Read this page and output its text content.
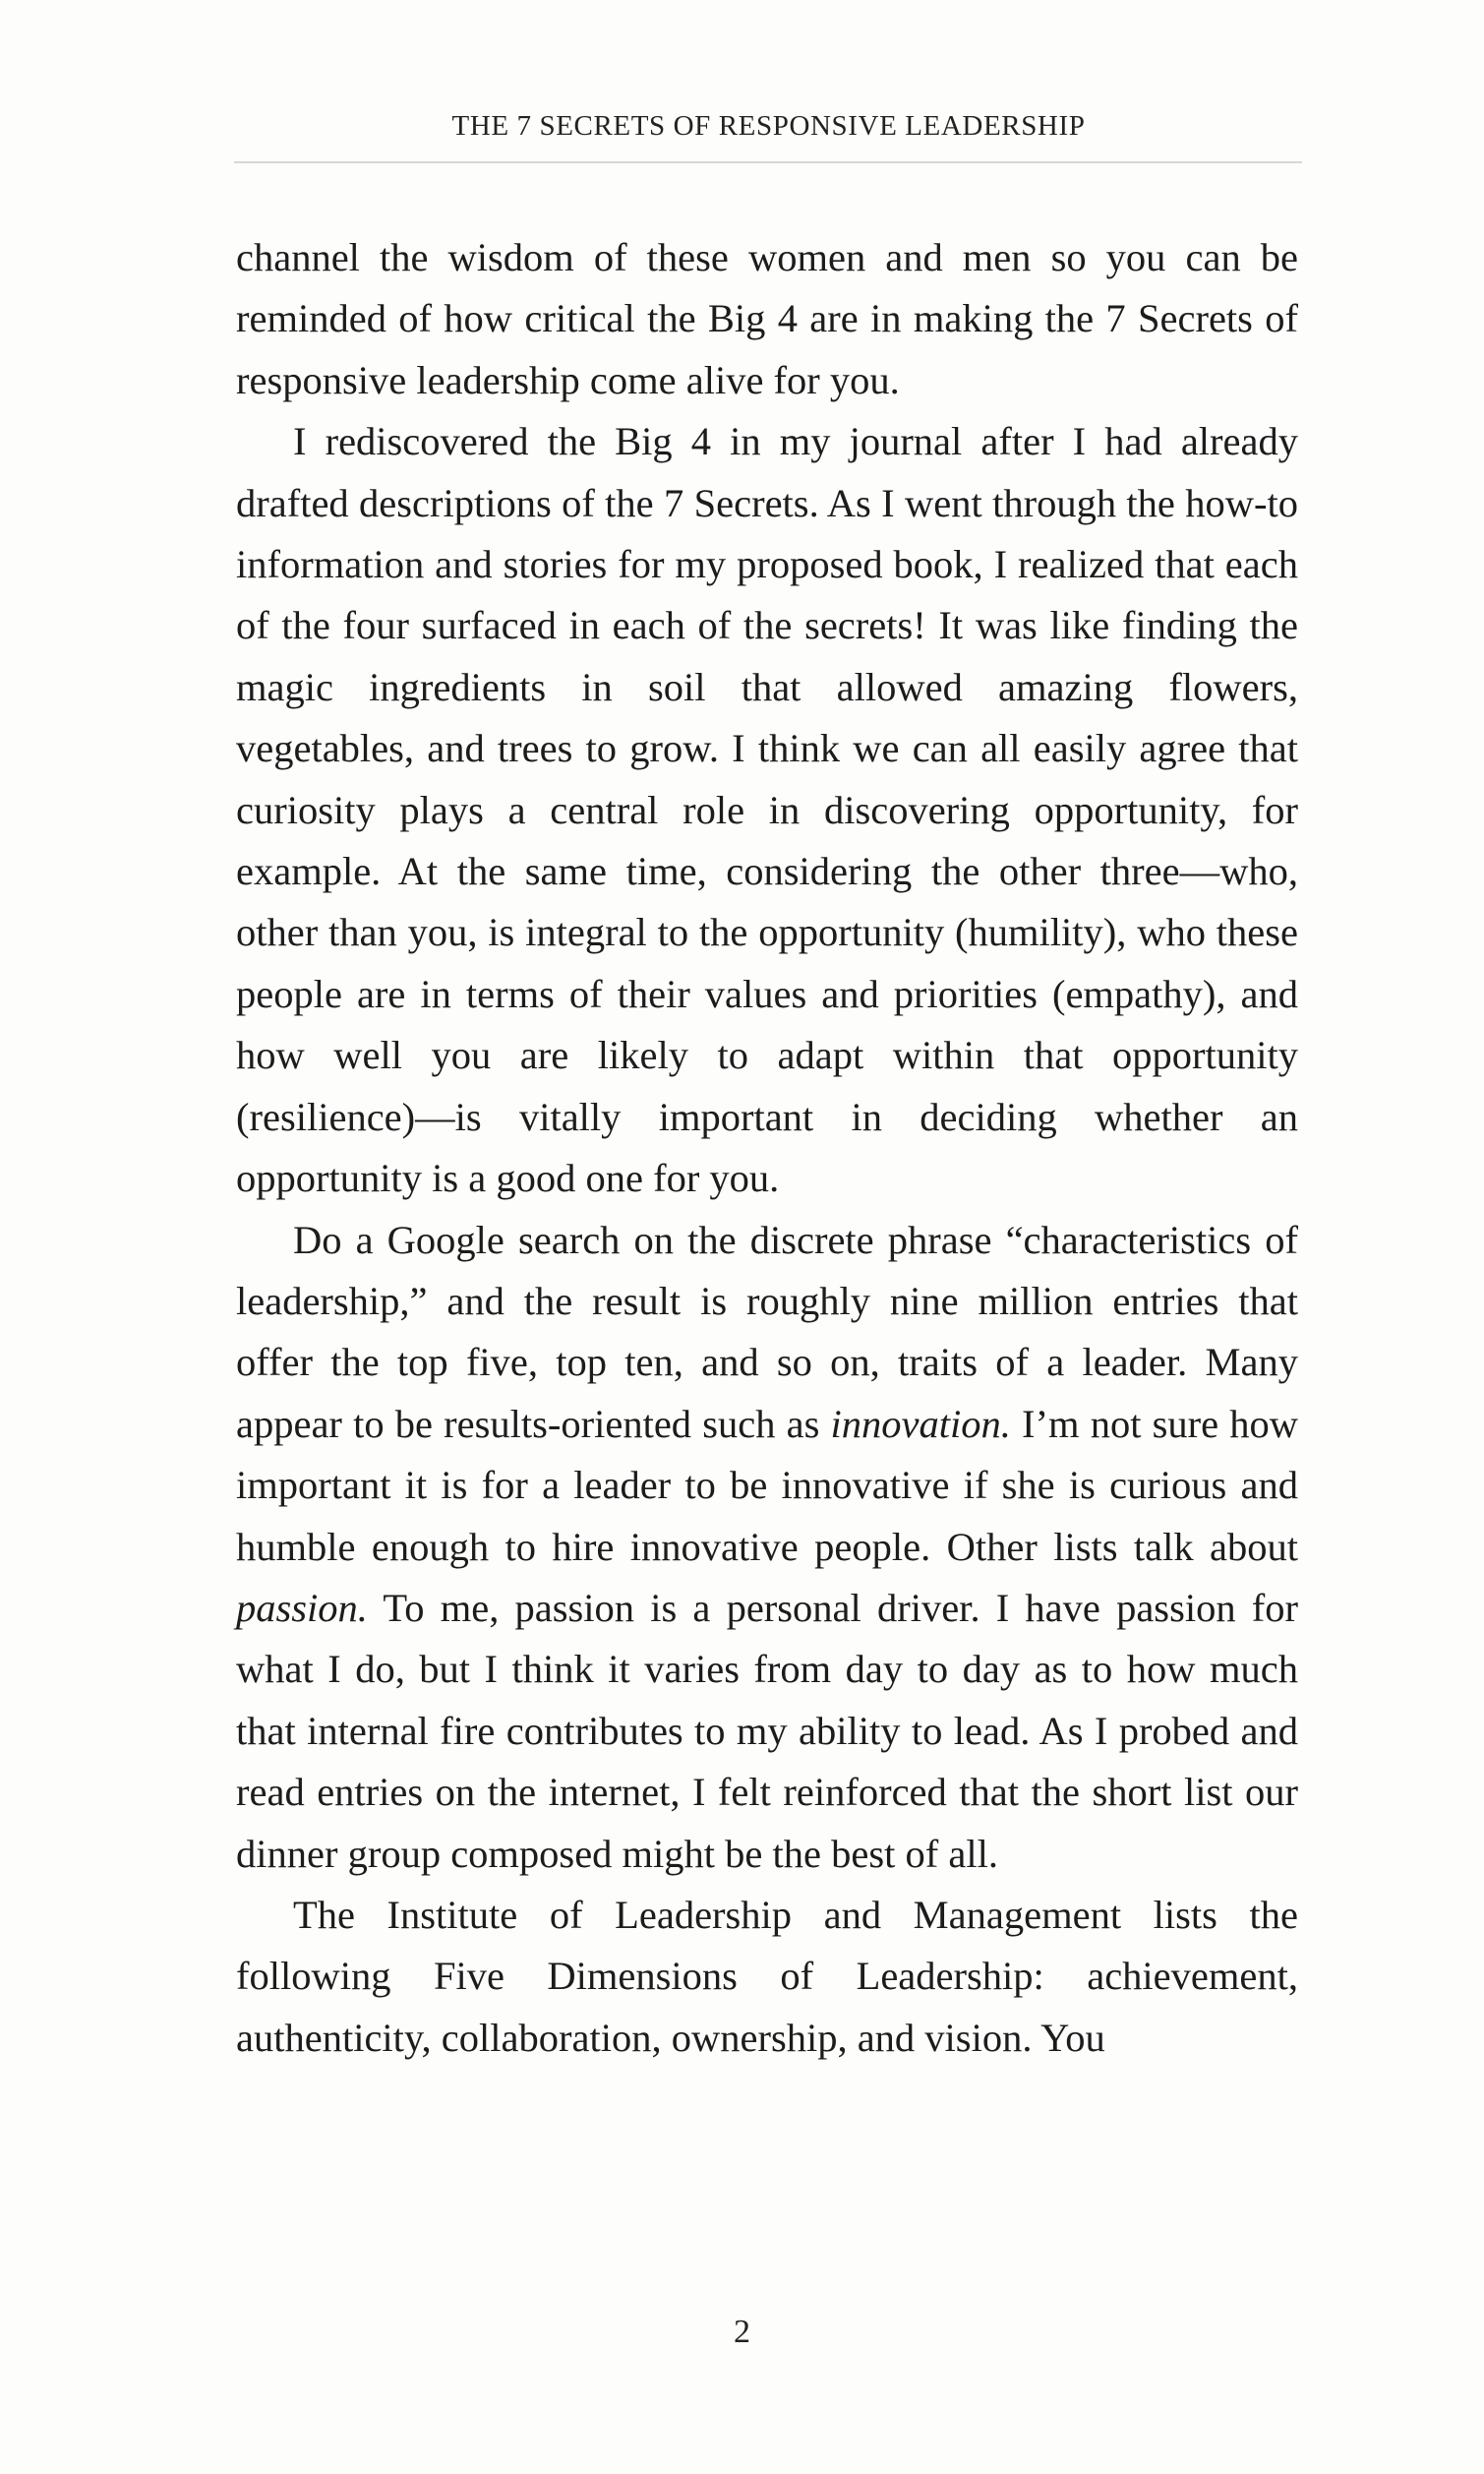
THE 7 SECRETS OF RESPONSIVE LEADERSHIP

channel the wisdom of these women and men so you can be reminded of how critical the Big 4 are in making the 7 Secrets of responsive leadership come alive for you.

I rediscovered the Big 4 in my journal after I had already drafted descriptions of the 7 Secrets. As I went through the how-to information and stories for my proposed book, I realized that each of the four surfaced in each of the secrets! It was like finding the magic ingredients in soil that allowed amazing flowers, vegetables, and trees to grow. I think we can all easily agree that curiosity plays a central role in discovering opportunity, for example. At the same time, considering the other three—who, other than you, is integral to the opportunity (humility), who these people are in terms of their values and priorities (empathy), and how well you are likely to adapt within that opportunity (resilience)—is vitally important in deciding whether an opportunity is a good one for you.

Do a Google search on the discrete phrase “characteristics of leadership,” and the result is roughly nine million entries that offer the top five, top ten, and so on, traits of a leader. Many appear to be results-oriented such as innovation. I’m not sure how important it is for a leader to be innovative if she is curious and humble enough to hire innovative people. Other lists talk about passion. To me, passion is a personal driver. I have passion for what I do, but I think it varies from day to day as to how much that internal fire contributes to my ability to lead. As I probed and read entries on the internet, I felt reinforced that the short list our dinner group composed might be the best of all.

The Institute of Leadership and Management lists the following Five Dimensions of Leadership: achievement, authenticity, collaboration, ownership, and vision. You

2
